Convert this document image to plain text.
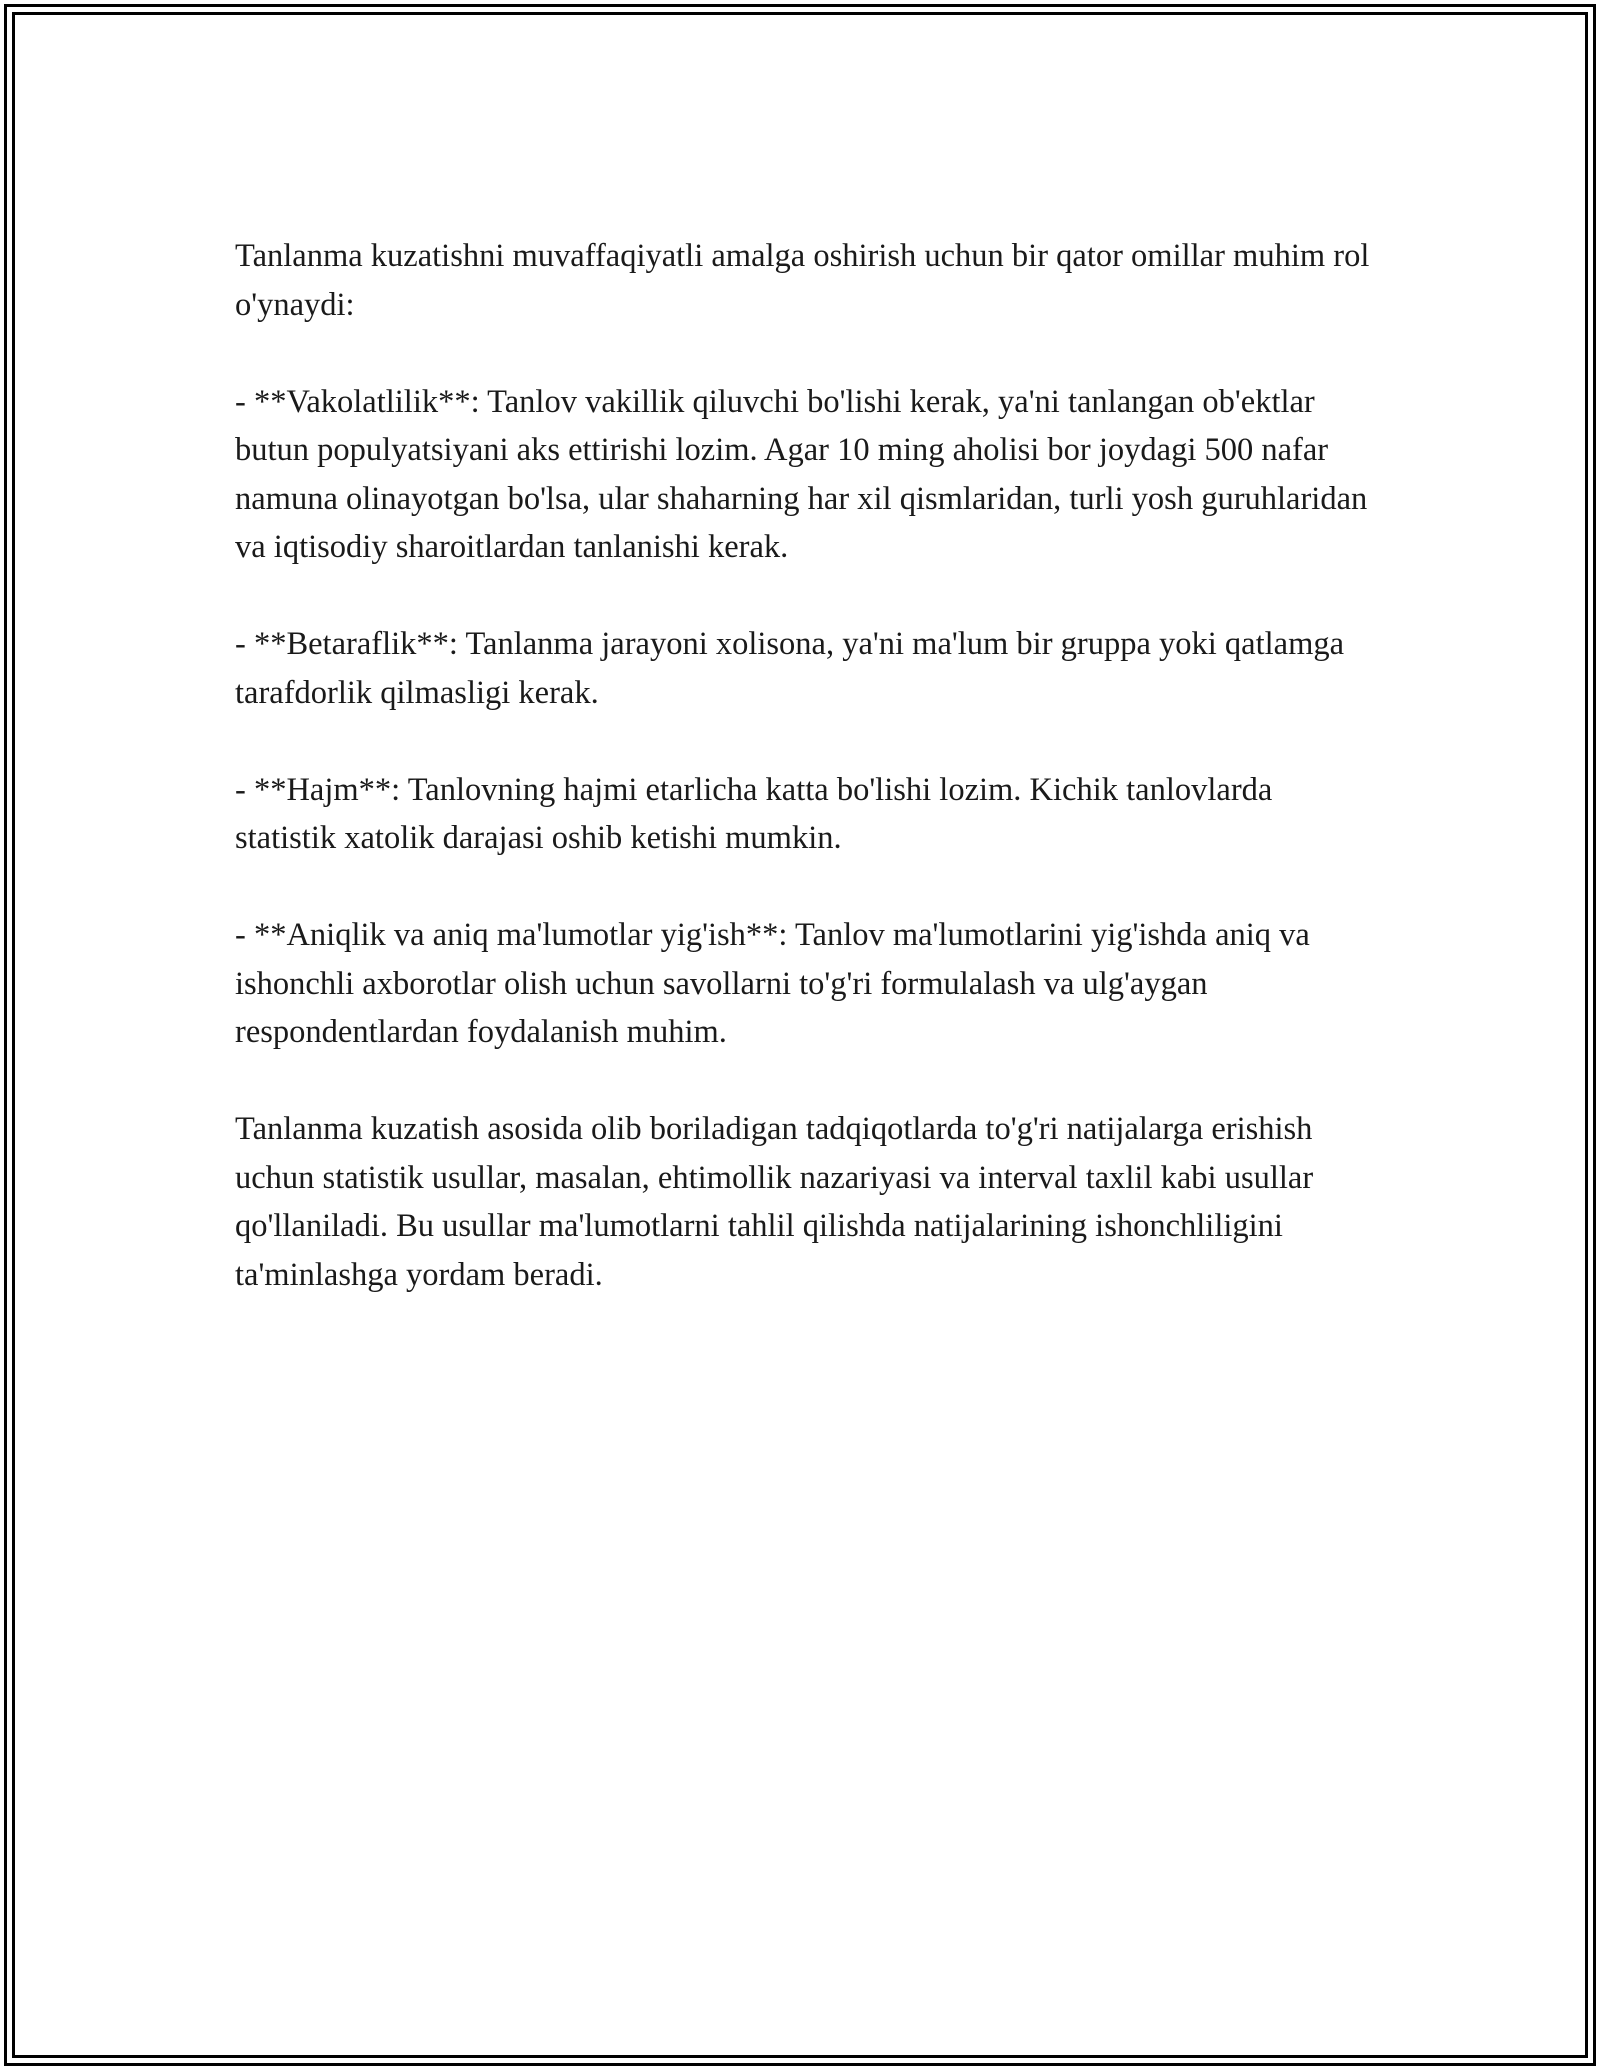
Tanlanma kuzatishni muvaffaqiyatli amalga oshirish uchun bir qator omillar muhim rol o'ynaydi:

- **Vakolatlilik**: Tanlov vakillik qiluvchi bo'lishi kerak, ya'ni tanlangan ob'ektlar butun populyatsiyani aks ettirishi lozim. Agar 10 ming aholisi bor joydagi 500 nafar namuna olinayotgan bo'lsa, ular shaharning har xil qismlaridan, turli yosh guruhlaridan va iqtisodiy sharoitlardan tanlanishi kerak.

- **Betaraflik**: Tanlanma jarayoni xolisona, ya'ni ma'lum bir gruppa yoki qatlamga tarafdorlik qilmasligi kerak.

- **Hajm**: Tanlovning hajmi etarlicha katta bo'lishi lozim. Kichik tanlovlarda statistik xatolik darajasi oshib ketishi mumkin.

- **Aniqlik va aniq ma'lumotlar yig'ish**: Tanlov ma'lumotlarini yig'ishda aniq va ishonchli axborotlar olish uchun savollarni to'g'ri formulalash va ulg'aygan respondentlardan foydalanish muhim.

Tanlanma kuzatish asosida olib boriladigan tadqiqotlarda to'g'ri natijalarga erishish uchun statistik usullar, masalan, ehtimollik nazariyasi va interval taxlil kabi usullar qo'llaniladi. Bu usullar ma'lumotlarni tahlil qilishda natijalarining ishonchliligini ta'minlashga yordam beradi.
